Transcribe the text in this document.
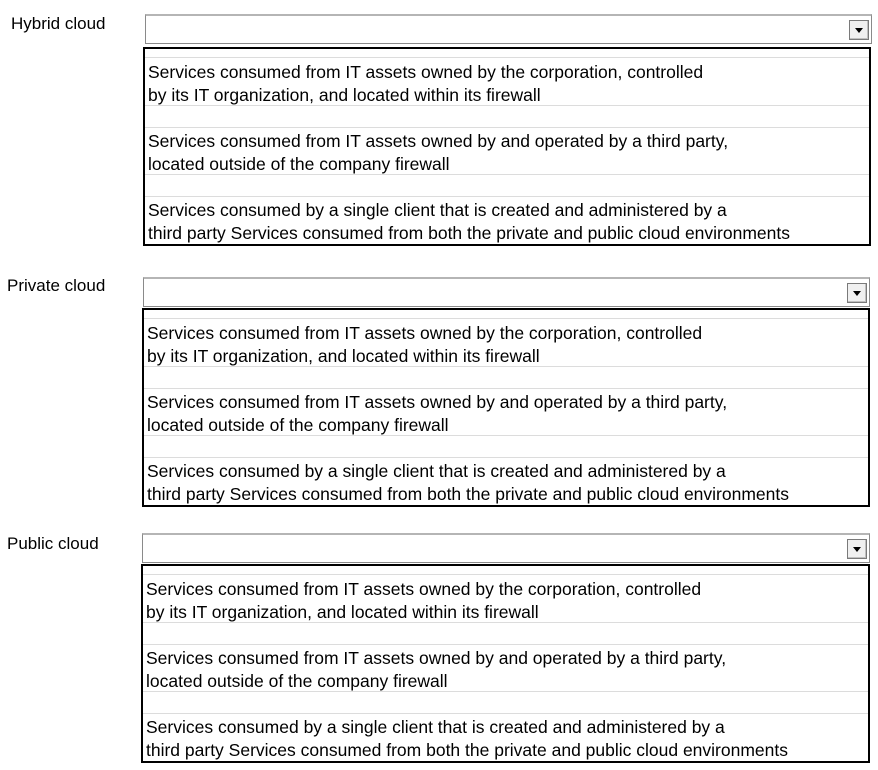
Hybrid cloud
Services consumed from IT assets owned by the corporation, controlled
by its IT organization, and located within its firewall
Services consumed from IT assets owned by and operated by a third party,
located outside of the company firewall
Services consumed by a single client that is created and administered by a
third party Services consumed from both the private and public cloud environments
Private cloud
Services consumed from IT assets owned by the corporation, controlled
by its IT organization, and located within its firewall
Services consumed from IT assets owned by and operated by a third party,
located outside of the company firewall
Services consumed by a single client that is created and administered by a
third party Services consumed from both the private and public cloud environments
Public cloud
Services consumed from IT assets owned by the corporation, controlled
by its IT organization, and located within its firewall
Services consumed from IT assets owned by and operated by a third party,
located outside of the company firewall
Services consumed by a single client that is created and administered by a
third party Services consumed from both the private and public cloud environments
